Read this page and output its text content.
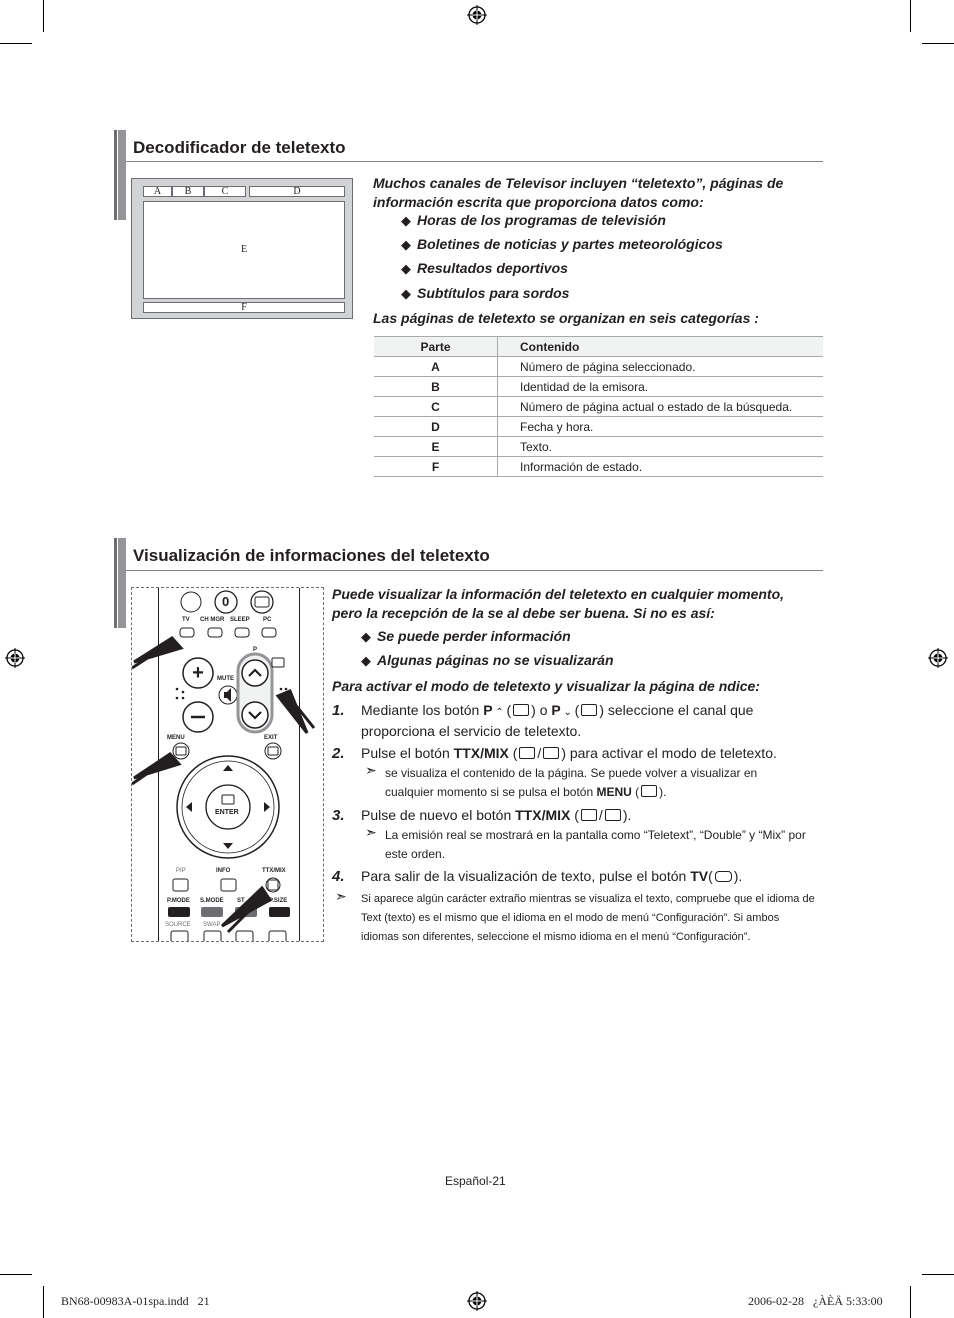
Decodificador de teletexto
A	B	C	D
E
F
Muchos canales de Televisor incluyen “teletexto”, páginas de información escrita que proporciona datos como:
◆ Horas de los programas de televisión
◆ Boletines de noticias y partes meteorológicos
◆ Resultados deportivos
◆ Subtítulos para sordos
Las páginas de teletexto se organizan en seis categorías :
Parte	Contenido
A	Número de página seleccionado.
B	Identidad de la emisora.
C	Número de página actual o estado de la búsqueda.
D	Fecha y hora.
E	Texto.
F	Información de estado.
Visualización de informaciones del teletexto
+
0
TV CH MGR SLEEP PC
P
MUTE
MENU	EXIT
ENTER
PIP	INFO	TTX/MIX
P.MODE S.MODE ST	P.SIZE
SOURCE SWAP
Puede visualizar la información del teletexto en cualquier momento, pero la recepción de la se al debe ser buena. Si no es así:
◆ Se puede perder información
◆ Algunas páginas no se visualizarán
Para activar el modo de teletexto y visualizar la página de ndice:
1. Mediante los botón P ⌃ ( ) o P ⌄ ( ) seleccione el canal que proporciona el servicio de teletexto.
2. Pulse el botón TTX/MIX ( / ) para activar el modo de teletexto.
➣ se visualiza el contenido de la página. Se puede volver a visualizar en cualquier momento si se pulsa el botón MENU ( ).
3. Pulse de nuevo el botón TTX/MIX ( / ).
➣ La emisión real se mostrará en la pantalla como “Teletext”, “Double” y “Mix” por este orden.
4. Para salir de la visualización de texto, pulse el botón TV( ).
➣ Si aparece algún carácter extraño mientras se visualiza el texto, compruebe que el idioma de Text (texto) es el mismo que el idioma en el modo de menú “Configuración”. Si ambos idiomas son diferentes, seleccione el mismo idioma en el menú “Configuración”.
Español-21
BN68-00983A-01spa.indd   21	2006-02-28   ¿ÀÈÄ 5:33:00
